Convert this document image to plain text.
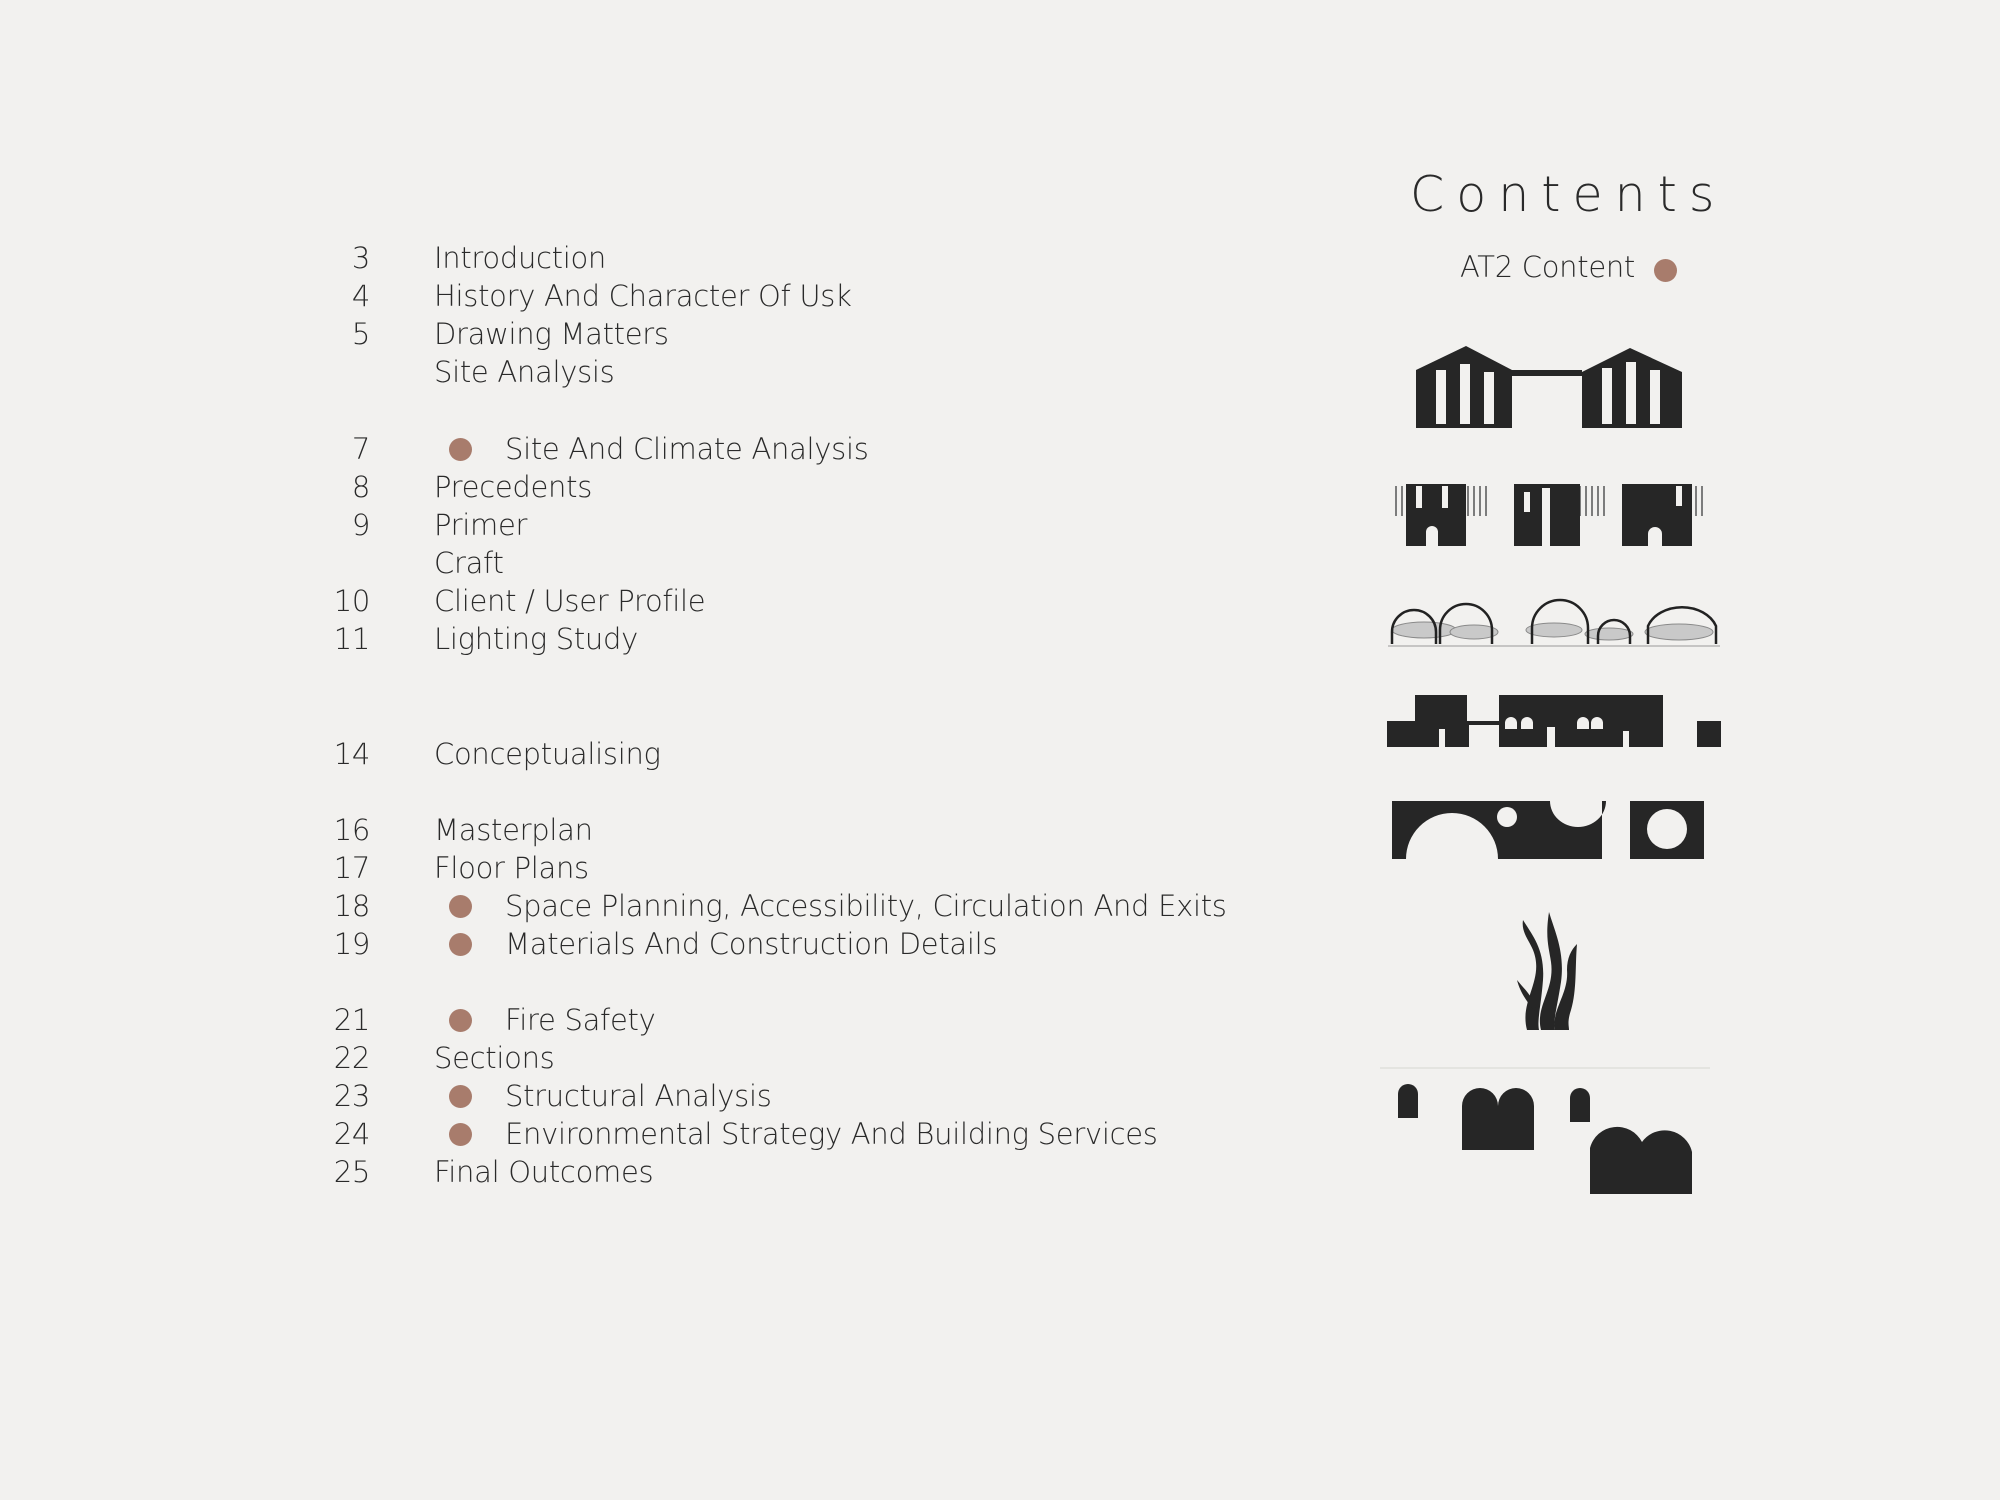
3 Introduction
4 History And Character Of Usk
5 Drawing Matters
Site Analysis
7	Site And Climate Analysis
8 Precedents
9 Primer
Craft
10 Client / User Profile
11 Lighting Study
14 Conceptualising
16 Masterplan
17 Floor Plans
18	Space Planning, Accessibility, Circulation And Exits
19	Materials And Construction Details
21	Fire Safety
22 Sections
23	Structural Analysis
24	Environmental Strategy And Building Services
25 Final Outcomes
Contents
AT2 Content
